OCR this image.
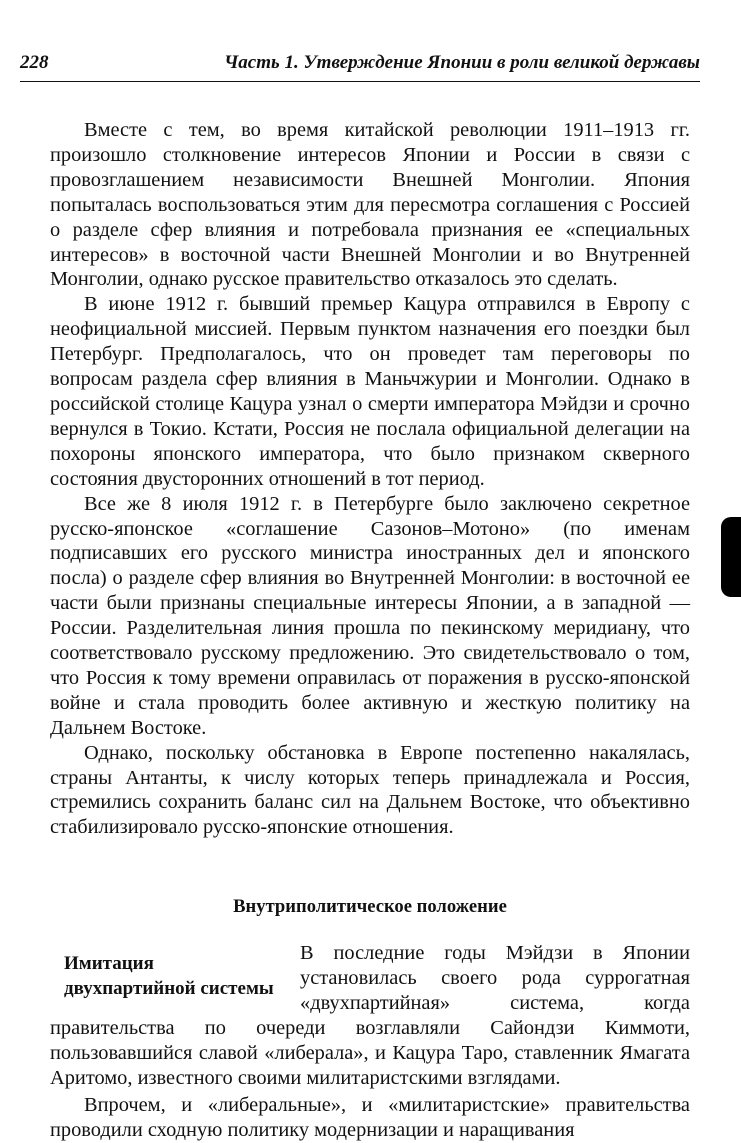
228	Часть 1. Утверждение Японии в роли великой державы

Вместе с тем, во время китайской революции 1911–1913 гг. произошло столкновение интересов Японии и России в связи с провозглашением независимости Внешней Монголии. Япония попыталась воспользоваться этим для пересмотра соглашения с Россией о разделе сфер влияния и потребовала признания ее «специальных интересов» в восточной части Внешней Монголии и во Внутренней Монголии, однако русское правительство отказалось это сделать.

В июне 1912 г. бывший премьер Кацура отправился в Европу с неофициальной миссией. Первым пунктом назначения его поездки был Петербург. Предполагалось, что он проведет там переговоры по вопросам раздела сфер влияния в Маньчжурии и Монголии. Однако в российской столице Кацура узнал о смерти императора Мэйдзи и срочно вернулся в Токио. Кстати, Россия не послала официальной делегации на похороны японского императора, что было признаком скверного состояния двусторонних отношений в тот период.

Все же 8 июля 1912 г. в Петербурге было заключено секретное русско-японское «соглашение Сазонов–Мотоно» (по именам подписавших его русского министра иностранных дел и японского посла) о разделе сфер влияния во Внутренней Монголии: в восточной ее части были признаны специальные интересы Японии, а в западной — России. Разделительная линия прошла по пекинскому меридиану, что соответствовало русскому предложению. Это свидетельствовало о том, что Россия к тому времени оправилась от поражения в русско-японской войне и стала проводить более активную и жесткую политику на Дальнем Востоке.

Однако, поскольку обстановка в Европе постепенно накалялась, страны Антанты, к числу которых теперь принадлежала и Россия, стремились сохранить баланс сил на Дальнем Востоке, что объективно стабилизировало русско-японские отношения.

Внутриполитическое положение
Имитация двухпартийной системы

В последние годы Мэйдзи в Японии установилась своего рода суррогатная «двухпартийная» система, когда правительства по очереди возглавляли Сайондзи Киммоти, пользовавшийся славой «либерала», и Кацура Таро, ставленник Ямагата Аритомо, известного своими милитаристскими взглядами.

Впрочем, и «либеральные», и «милитаристские» правительства проводили сходную политику модернизации и наращивания
